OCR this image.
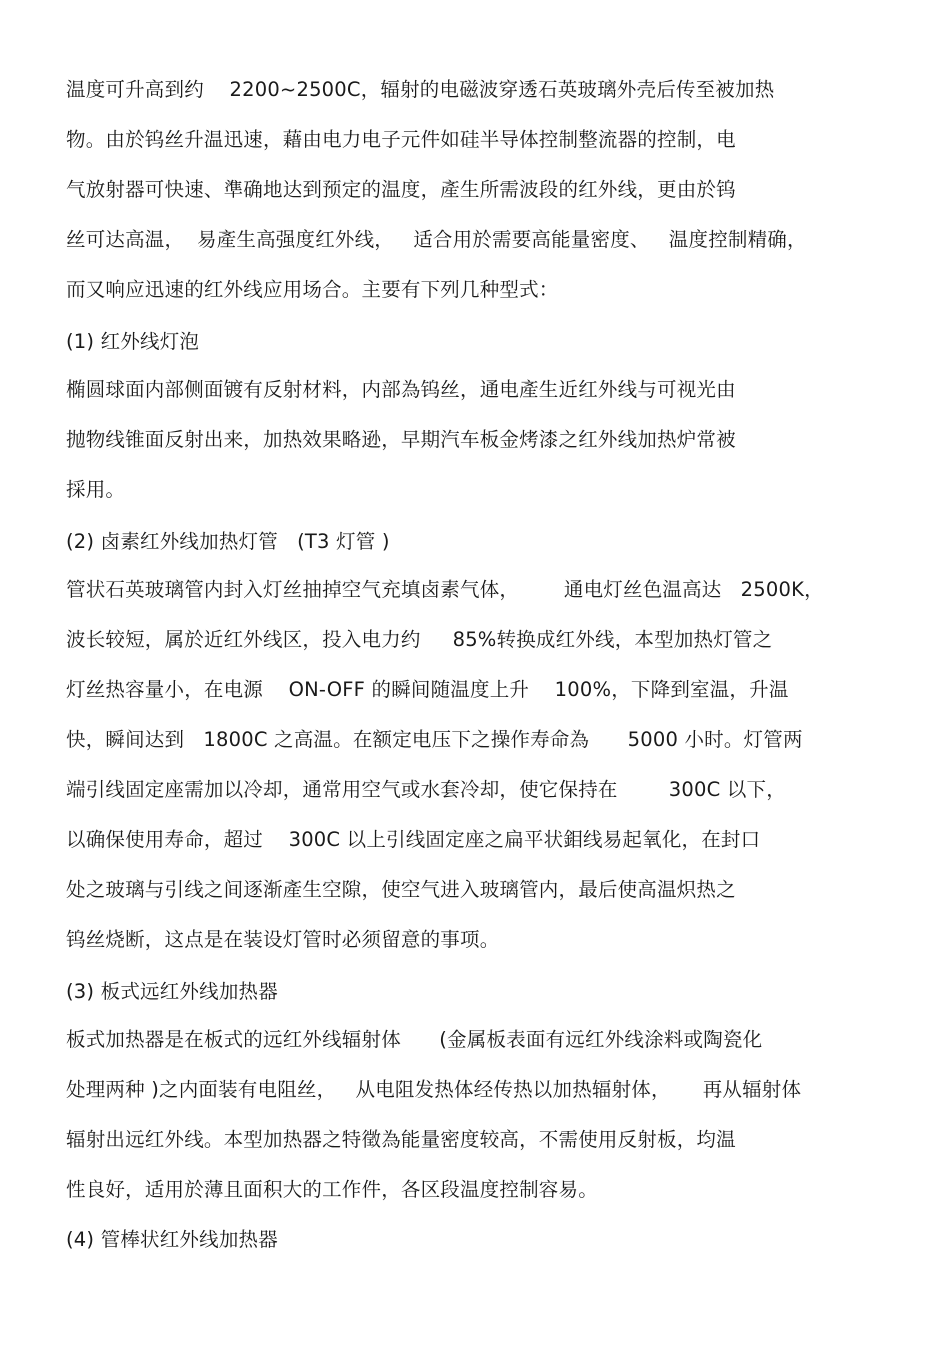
温度可升高到约    2200~2500C，辐射的电磁波穿透石英玻璃外壳后传至被加热
物。由於钨丝升温迅速，藉由电力电子元件如硅半导体控制整流器的控制，电
气放射器可快速、準确地达到预定的温度，產生所需波段的红外线，更由於钨
丝可达高温，  易產生高强度红外线，   适合用於需要高能量密度、   温度控制精确，
而又响应迅速的红外线应用场合。主要有下列几种型式：
(1) 红外线灯泡
椭圆球面内部侧面镀有反射材料，内部為钨丝，通电產生近红外线与可视光由
抛物线锥面反射出来，加热效果略逊，早期汽车板金烤漆之红外线加热炉常被
採用。
(2) 卤素红外线加热灯管   (T3 灯管 )
管状石英玻璃管内封入灯丝抽掉空气充填卤素气体，       通电灯丝色温高达   2500K，
波长较短，属於近红外线区，投入电力约     85%转换成红外线，本型加热灯管之
灯丝热容量小，在电源    ON-OFF 的瞬间随温度上升    100%，下降到室温，升温
快，瞬间达到   1800C 之高温。在额定电压下之操作寿命為      5000 小时。灯管两
端引线固定座需加以冷却，通常用空气或水套冷却，使它保持在        300C 以下，
以确保使用寿命，超过    300C 以上引线固定座之扁平状鉬线易起氧化，在封口
处之玻璃与引线之间逐渐產生空隙，使空气进入玻璃管内，最后使高温炽热之
钨丝烧断，这点是在装设灯管时必须留意的事项。
(3) 板式远红外线加热器
板式加热器是在板式的远红外线辐射体      (金属板表面有远红外线涂料或陶瓷化
处理两种 )之内面装有电阻丝，   从电阻发热体经传热以加热辐射体，     再从辐射体
辐射出远红外线。本型加热器之特徵為能量密度较高，不需使用反射板，均温
性良好，适用於薄且面积大的工作件，各区段温度控制容易。
(4) 管棒状红外线加热器
